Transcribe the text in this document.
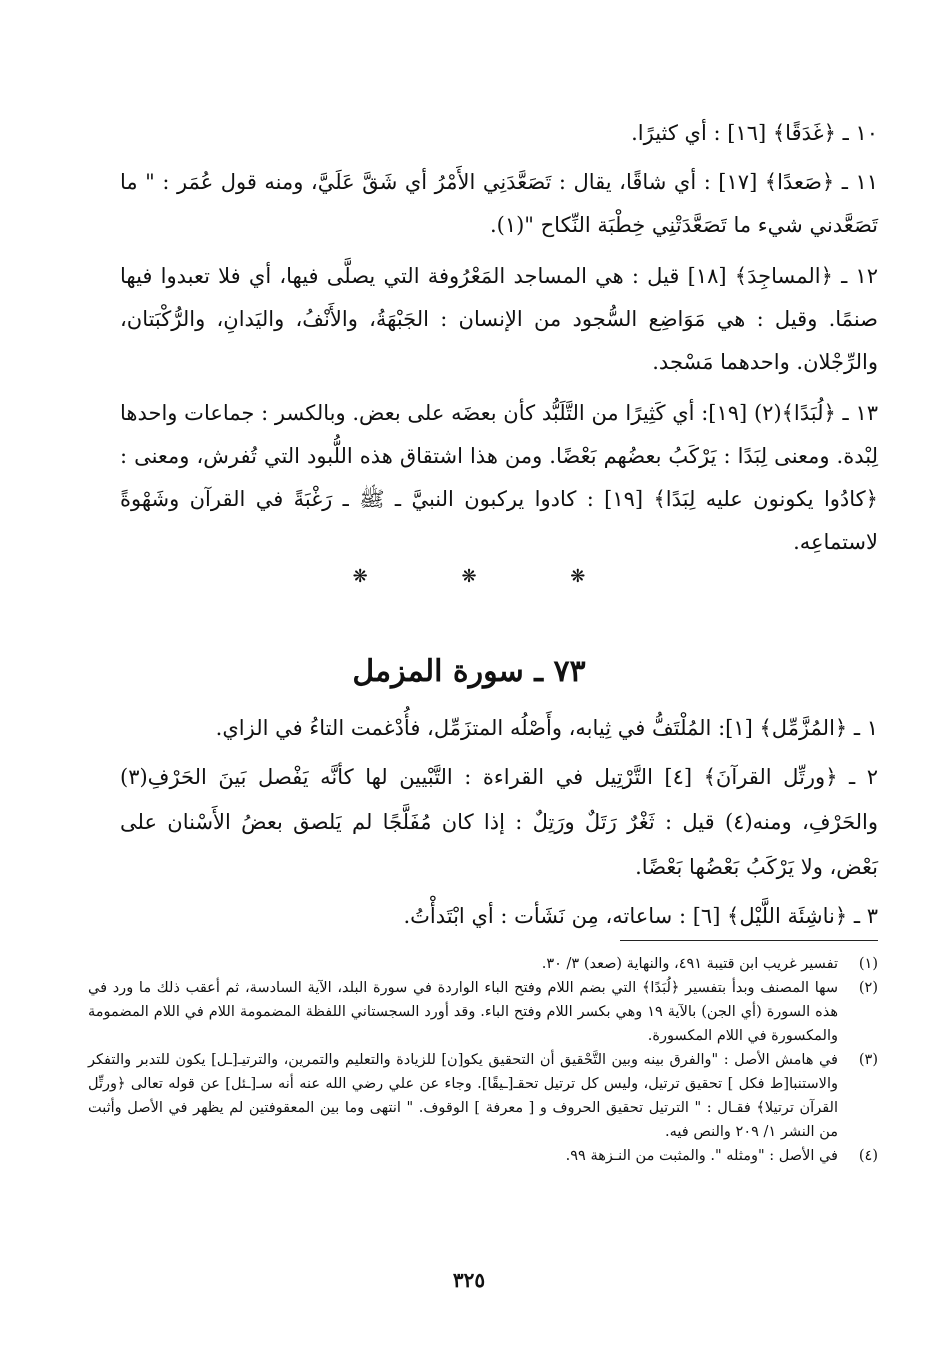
١٠ ـ ﴿غَدَقًا﴾ [١٦] : أي كثيرًا.

١١ ـ ﴿صَعدًا﴾ [١٧] : أي شاقًا، يقال : تَصَعَّدَنِي الأَمْرُ أي شَقَّ عَلَيَّ، ومنه قول عُمَر : " ما تَصَعَّدني شيء ما تَصَعَّدَتْنِي خِطْبَة النِّكاح "(١).

١٢ ـ ﴿المساجِدَ﴾ [١٨] قيل : هي المساجد المَعْرُوفة التي يصلَّى فيها، أي فلا تعبدوا فيها صنمًا. وقيل : هي مَوَاضِع السُّجود من الإنسان : الجَبْهَةُ، والأَنْفُ، واليَدانِ، والرُّكْبَتان، والرِّجْلان. واحدهما مَسْجد.

١٣ ـ ﴿لُبَدًا﴾(٢) [١٩]: أي كَثِيرًا من التَّلَبُّد كأن بعضَه على بعض. وبالكسر : جماعات واحدها لِبْدة. ومعنى لِبَدًا : يَرْكَبُ بعضُهم بَعْضًا. ومن هذا اشتقاق هذه اللُّبود التي تُفرش، ومعنى : ﴿كادُوا يكونون عليه لِبَدًا﴾ [١٩] : كادوا يركبون النبيَّ ـ ﷺ ـ رَغْبَةً في القرآن وشَهْوةً لاستماعِه.

❋ ❋ ❋
٧٣ ـ سورة المزمل

١ ـ ﴿المُزَّمِّل﴾ [١]: المُلْتَفُّ في ثِيابه، وأَصْلُه المتزَمِّل، فأُدْغمت التاءُ في الزاي.

٢ ـ ﴿ورتِّل القرآنَ﴾ [٤] التَّرْتِيل في القراءة : التَّبْيين لها كأنَّه يَفْصل بَينَ الحَرْفِ(٣) والحَرْفِ، ومنه(٤) قيل : ثَغْرٌ رَتَلٌ ورَتِلٌ : إذا كان مُفَلَّجًا لم يَلصق بعضُ الأَسْنان على بَعْض، ولا يَرْكَبُ بَعْضُها بَعْضًا.

٣ ـ ﴿ناشِئَة اللَّيْل﴾ [٦] : ساعاته، مِن نَشَأت : أي ابْتَدأْتُ.

(١)
تفسير غريب ابن قتيبة ٤٩١، والنهاية (صعد) ٣/ ٣٠.
(٢)
سها المصنف وبدأ بتفسير ﴿لُبَدًا﴾ التي بضم اللام وفتح الباء الواردة في سورة البلد، الآية السادسة، ثم أعقب ذلك ما ورد في هذه السورة (أي الجن) بالآية ١٩ وهي بكسر اللام وفتح الباء. وقد أورد السجستاني اللفظة المضمومة اللام في اللام المضمومة والمكسورة في اللام المكسورة.
(٣)
في هامش الأصل : "والفرق بينه وبين التَّحْقيق أن التحقيق يكو[ن] للزيادة والتعليم والتمرين، والترتيـ[ـل] يكون للتدبر والتفكر والاستنبا[ط فكل ] تحقيق ترتيل، وليس كل ترتيل تحقـ[ـيقًا]. وجاء عن علي رضي الله عنه أنه سـ[ـئل] عن قوله تعالى ﴿ورتِّل القرآن ترتيلا﴾ فقـال : " الترتيل تحقيق الحروف و [ معرفة ] الوقوف. " انتهى وما بين المعقوفتين لم يظهر في الأصل وأثبت من النشر ١/ ٢٠٩ والنص فيه.
(٤)
في الأصل : "ومثله ". والمثبت من النـزهة ٩٩.
٣٢٥
